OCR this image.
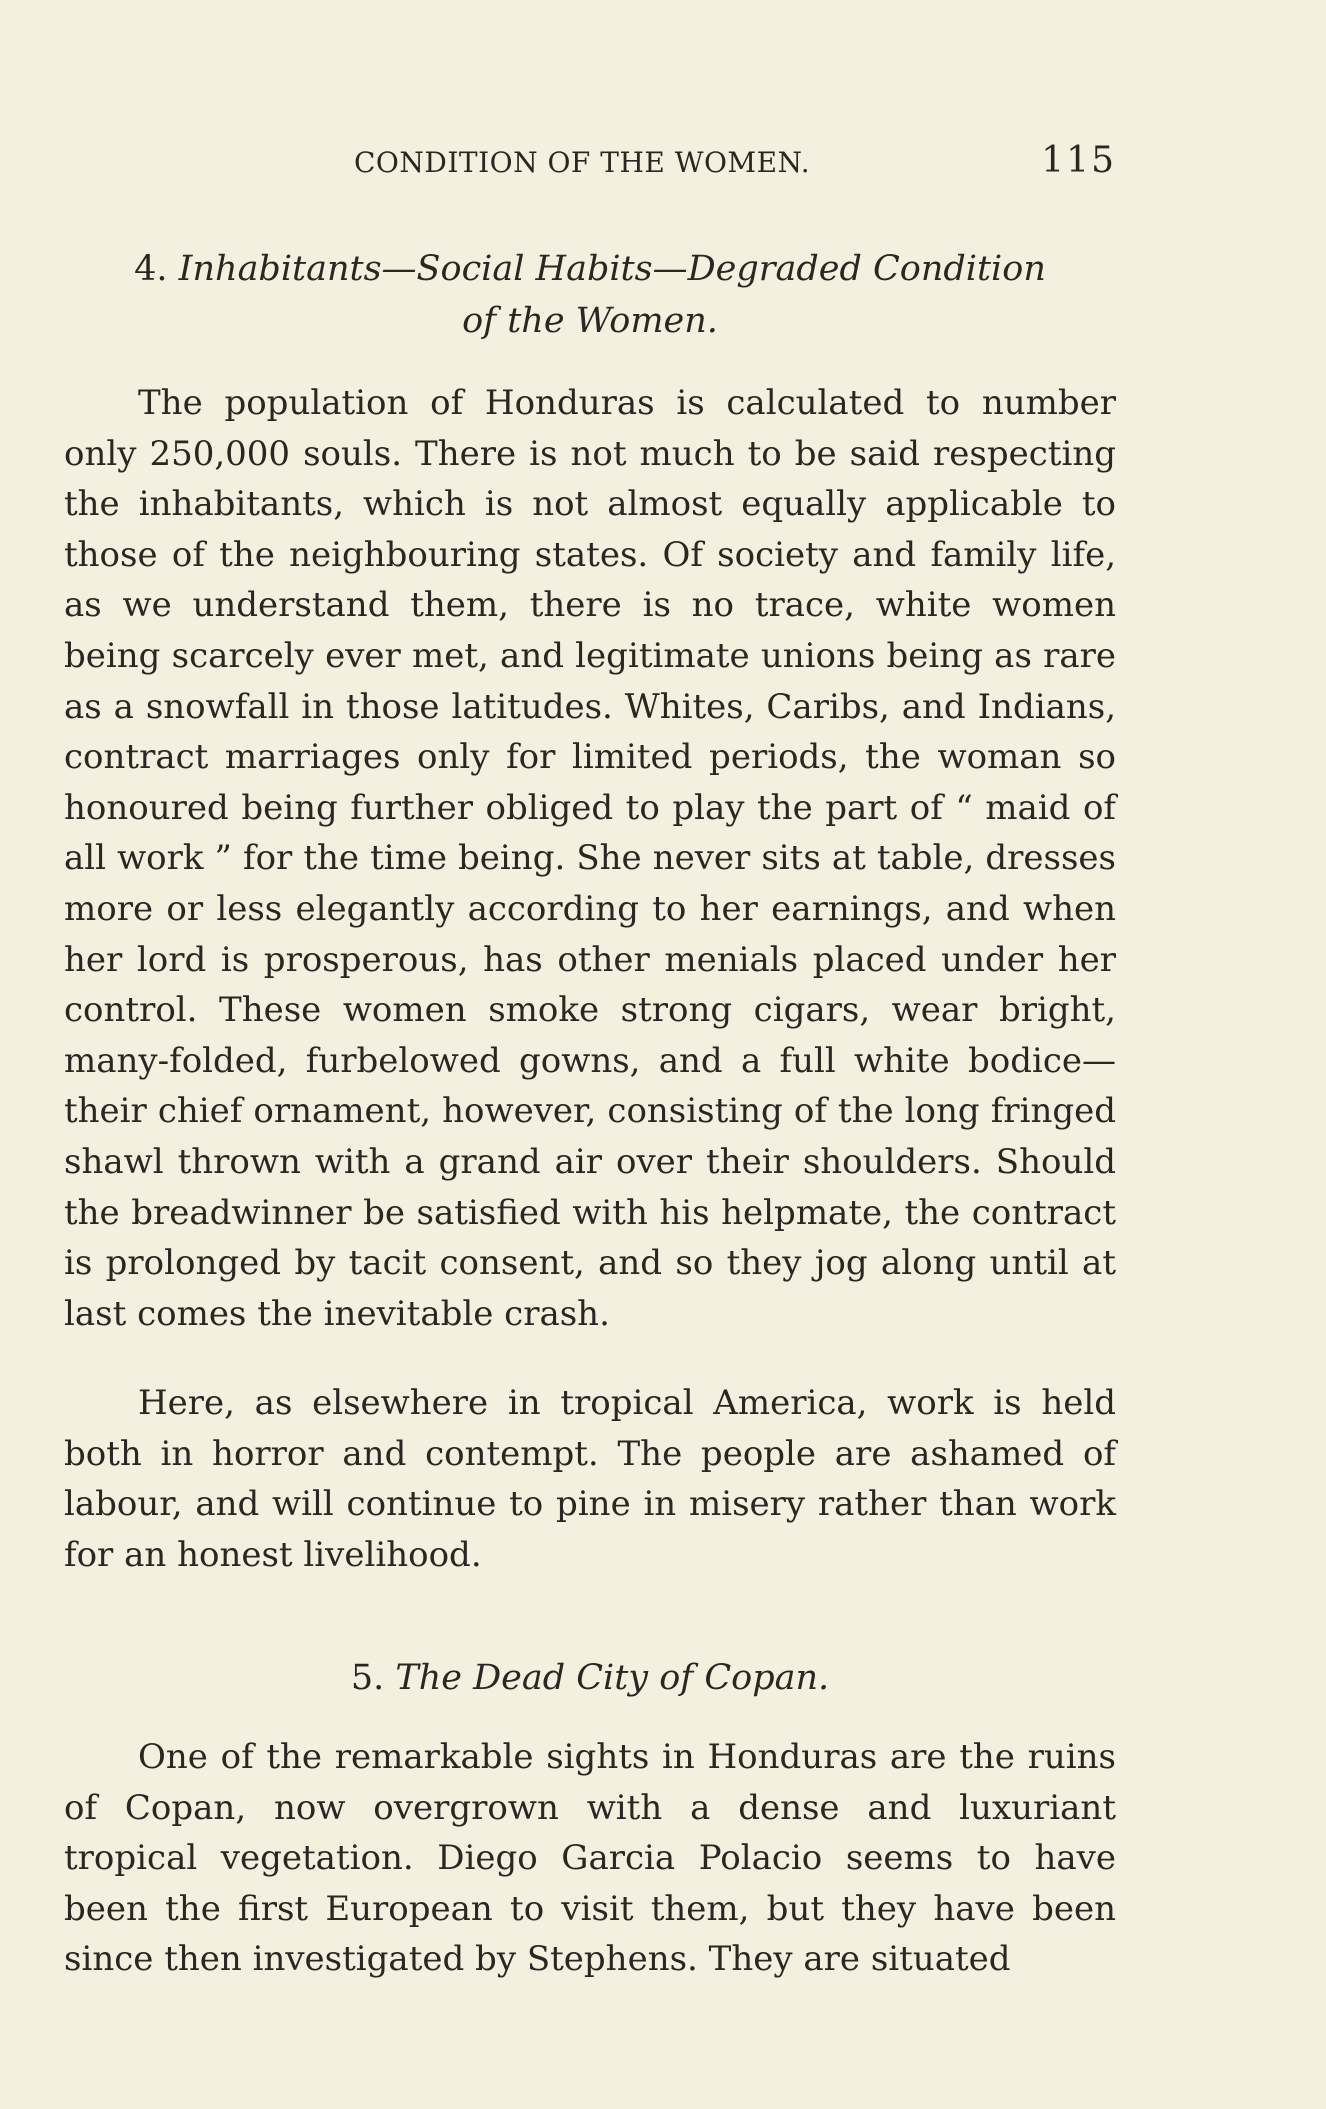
CONDITION OF THE WOMEN.	115
4. Inhabitants—Social Habits—Degraded Condition
of the Women.

The population of Honduras is calculated to number only 250,000 souls. There is not much to be said respecting the inhabitants, which is not almost equally applicable to those of the neighbouring states. Of society and family life, as we understand them, there is no trace, white women being scarcely ever met, and legitimate unions being as rare as a snowfall in those latitudes. Whites, Caribs, and Indians, contract marriages only for limited periods, the woman so honoured being further obliged to play the part of “ maid of all work ” for the time being. She never sits at table, dresses more or less elegantly according to her earnings, and when her lord is prosperous, has other menials placed under her control. These women smoke strong cigars, wear bright, many-folded, furbelowed gowns, and a full white bodice—their chief ornament, however, consisting of the long fringed shawl thrown with a grand air over their shoulders. Should the breadwinner be satisfied with his helpmate, the contract is prolonged by tacit consent, and so they jog along until at last comes the inevitable crash.

Here, as elsewhere in tropical America, work is held both in horror and contempt. The people are ashamed of labour, and will continue to pine in misery rather than work for an honest livelihood.

5. The Dead City of Copan.

One of the remarkable sights in Honduras are the ruins of Copan, now overgrown with a dense and luxuriant tropical vegetation. Diego Garcia Polacio seems to have been the first European to visit them, but they have been since then investigated by Stephens. They are situated
